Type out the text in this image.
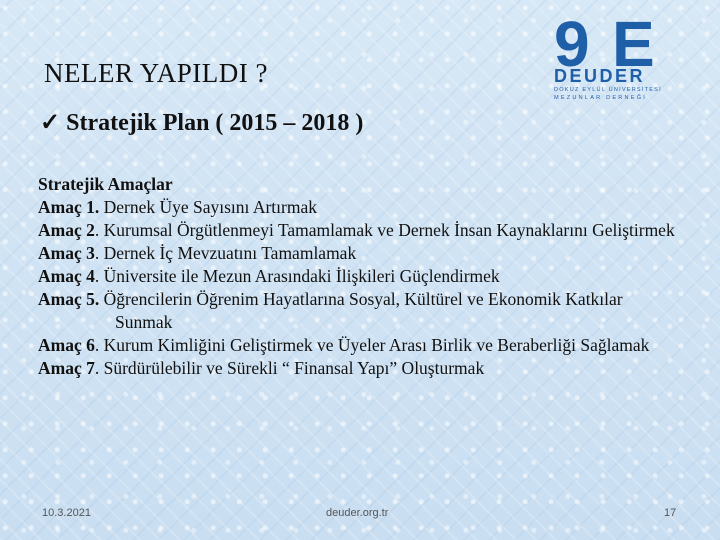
NELER YAPILDI ?
✓ Stratejik Plan ( 2015 – 2018 )
9 E
DEUDER
DOKUZ EYLÜL ÜNİVERSİTESİ
MEZUNLAR DERNEĞİ
Stratejik Amaçlar
Amaç 1. Dernek Üye Sayısını Artırmak
Amaç 2. Kurumsal Örgütlenmeyi Tamamlamak ve Dernek İnsan Kaynaklarını Geliştirmek
Amaç 3. Dernek İç Mevzuatını Tamamlamak
Amaç 4. Üniversite ile Mezun Arasındaki İlişkileri Güçlendirmek
Amaç 5. Öğrencilerin Öğrenim Hayatlarına Sosyal, Kültürel ve Ekonomik Katkılar Sunmak
Amaç 6. Kurum Kimliğini Geliştirmek ve Üyeler Arası Birlik ve Beraberliği Sağlamak
Amaç 7. Sürdürülebilir ve Sürekli “ Finansal Yapı” Oluşturmak
10.3.2021	deuder.org.tr	17
